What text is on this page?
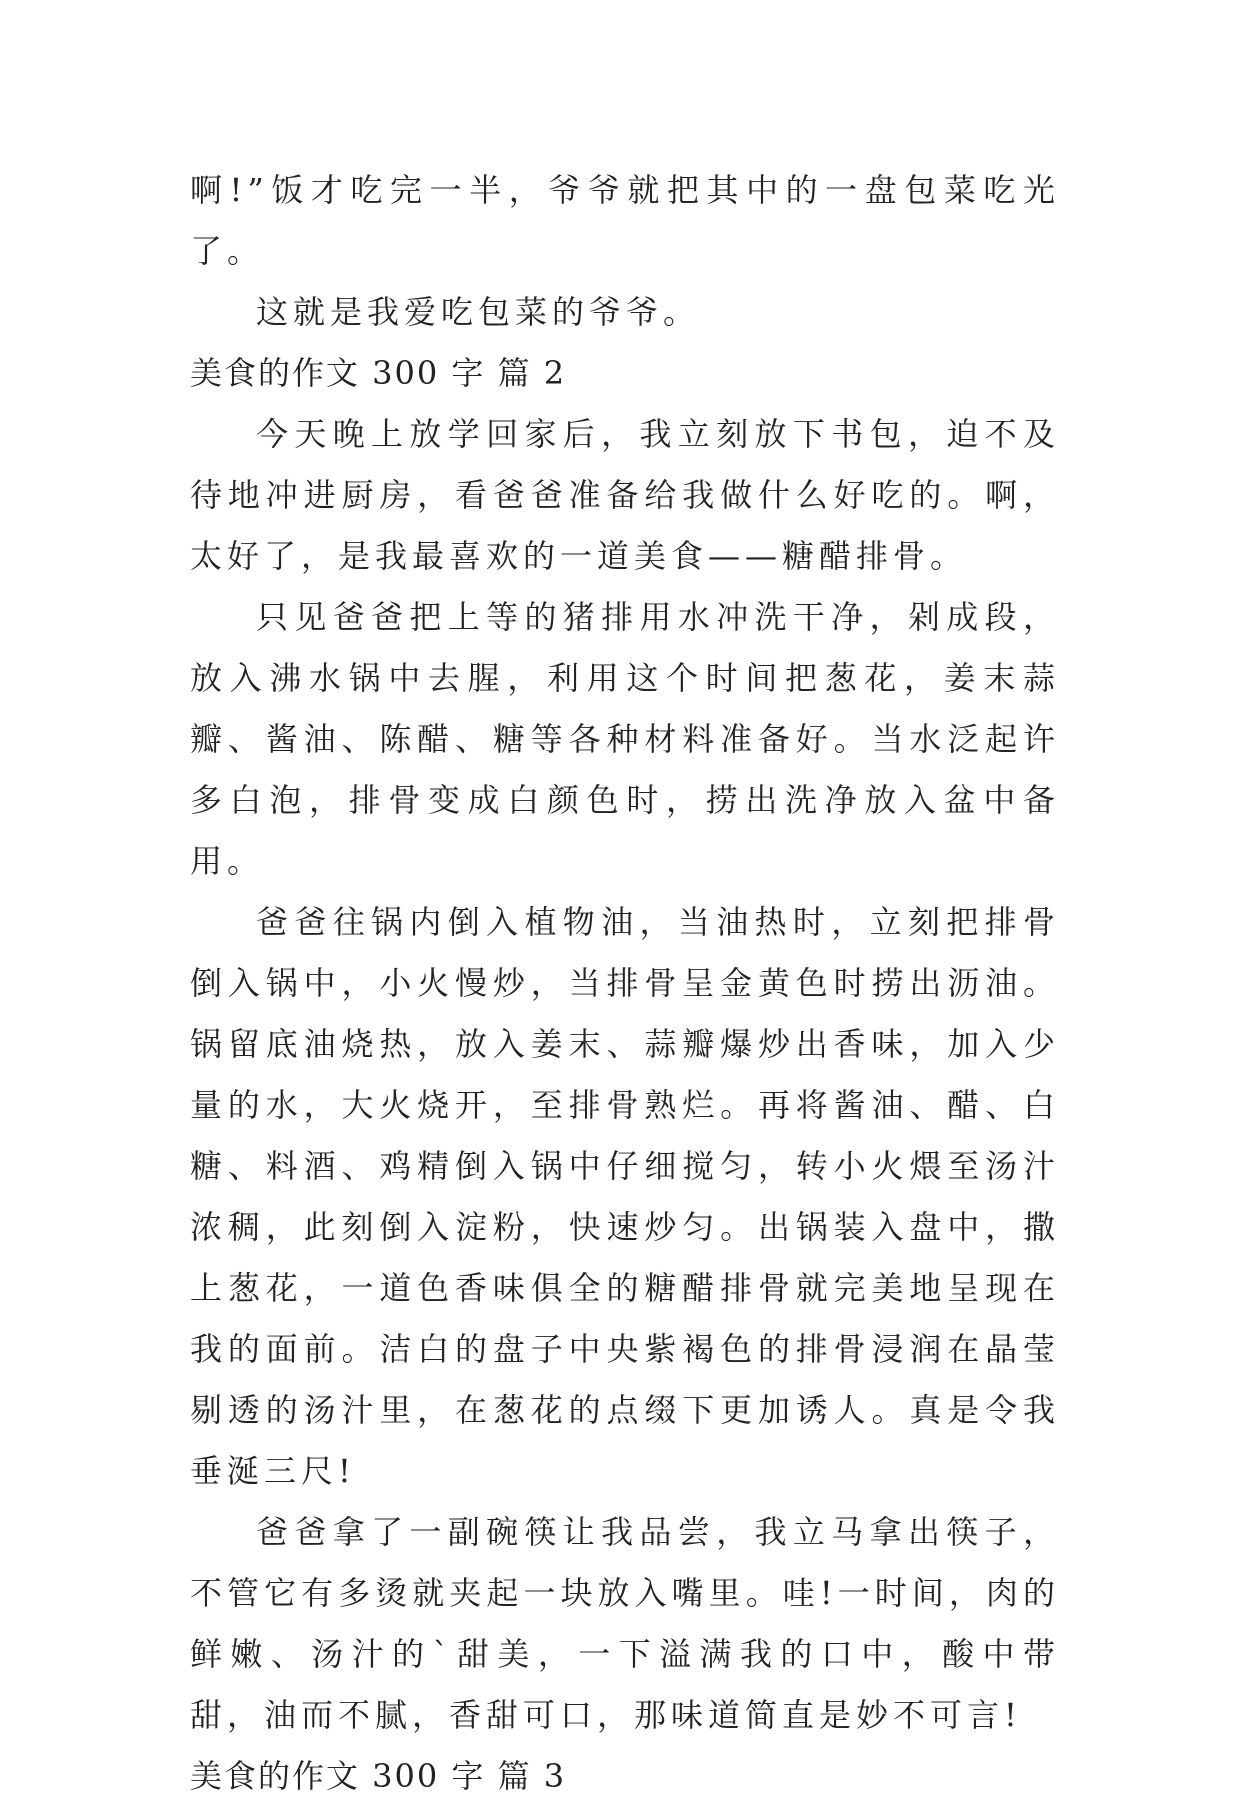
啊!”饭才吃完一半，爷爷就把其中的一盘包菜吃光了。

这就是我爱吃包菜的爷爷。

美食的作文 300 字 篇 2

今天晚上放学回家后，我立刻放下书包，迫不及待地冲进厨房，看爸爸准备给我做什么好吃的。啊，太好了，是我最喜欢的一道美食——糖醋排骨。

只见爸爸把上等的猪排用水冲洗干净，剁成段，放入沸水锅中去腥，利用这个时间把葱花，姜末蒜瓣、酱油、陈醋、糖等各种材料准备好。当水泛起许多白泡，排骨变成白颜色时，捞出洗净放入盆中备用。

爸爸往锅内倒入植物油，当油热时，立刻把排骨倒入锅中，小火慢炒，当排骨呈金黄色时捞出沥油。锅留底油烧热，放入姜末、蒜瓣爆炒出香味，加入少量的水，大火烧开，至排骨熟烂。再将酱油、醋、白糖、料酒、鸡精倒入锅中仔细搅匀，转小火煨至汤汁浓稠，此刻倒入淀粉，快速炒匀。出锅装入盘中，撒上葱花，一道色香味俱全的糖醋排骨就完美地呈现在我的面前。洁白的盘子中央紫褐色的排骨浸润在晶莹剔透的汤汁里，在葱花的点缀下更加诱人。真是令我垂涎三尺!

爸爸拿了一副碗筷让我品尝，我立马拿出筷子，不管它有多烫就夹起一块放入嘴里。哇!一时间，肉的鲜嫩、汤汁的`甜美，一下溢满我的口中，酸中带甜，油而不腻，香甜可口，那味道简直是妙不可言!

美食的作文 300 字 篇 3
